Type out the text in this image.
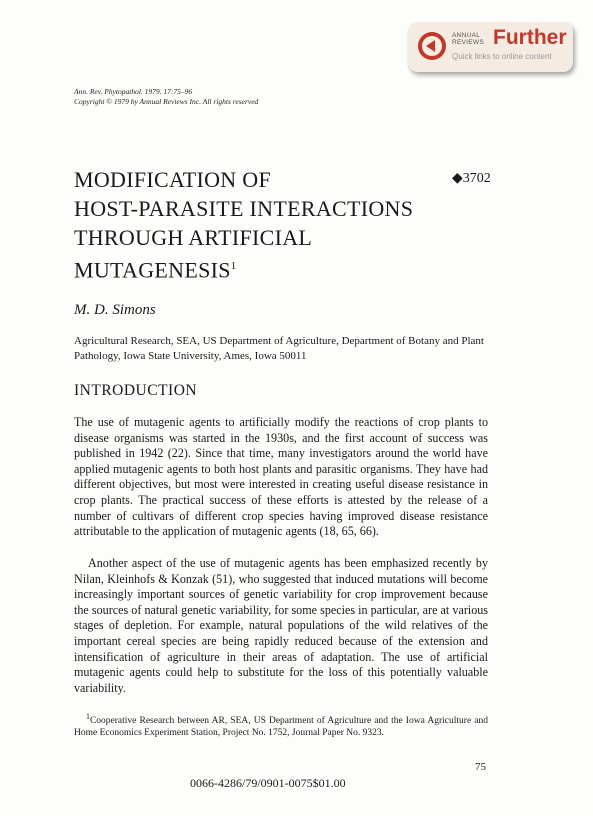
ANNUAL
REVIEWS Further
Quick links to online content
Ann. Rev. Phytopathol. 1979. 17:75–96
Copyright © 1979 by Annual Reviews Inc. All rights reserved
MODIFICATION OF
HOST-PARASITE INTERACTIONS
THROUGH ARTIFICIAL
MUTAGENESIS$^1$
◆3702
M. D. Simons
Agricultural Research, SEA, US Department of Agriculture, Department of Botany and Plant Pathology, Iowa State University, Ames, Iowa 50011
INTRODUCTION

The use of mutagenic agents to artificially modify the reactions of crop plants to disease organisms was started in the 1930s, and the first account of success was published in 1942 (22). Since that time, many investigators around the world have applied mutagenic agents to both host plants and parasitic organisms. They have had different objectives, but most were interested in creating useful disease resistance in crop plants. The practical success of these efforts is attested by the release of a number of cultivars of different crop species having improved disease resistance attributable to the application of mutagenic agents (18, 65, 66).

Another aspect of the use of mutagenic agents has been emphasized recently by Nilan, Kleinhofs & Konzak (51), who suggested that induced mutations will become increasingly important sources of genetic variability for crop improvement because the sources of natural genetic variability, for some species in particular, are at various stages of depletion. For example, natural populations of the wild relatives of the important cereal species are being rapidly reduced because of the extension and intensification of agriculture in their areas of adaptation. The use of artificial mutagenic agents could help to substitute for the loss of this potentially valuable variability.

$^1$Cooperative Research between AR, SEA, US Department of Agriculture and the Iowa Agriculture and Home Economics Experiment Station, Project No. 1752, Journal Paper No. 9323.
75
0066-4286/79/0901-0075$01.00
